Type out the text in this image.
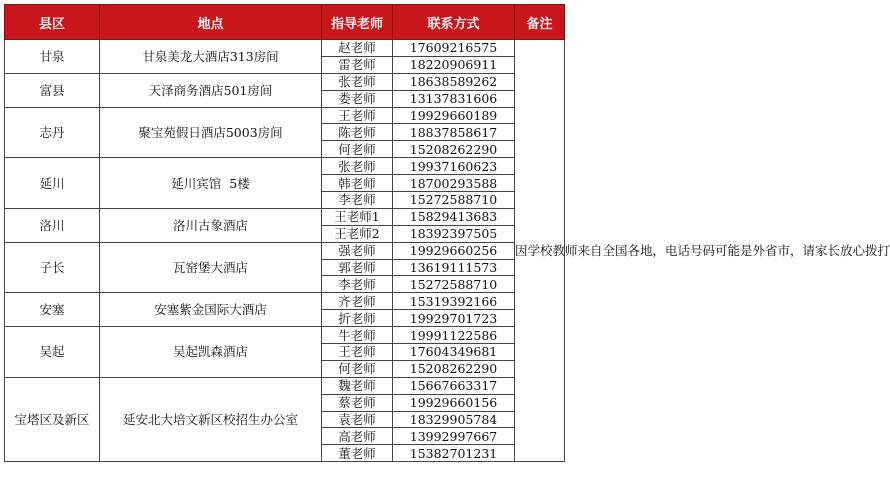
县区	地点	指导老师	联系方式	备注
甘泉	甘泉美龙大酒店313房间	赵老师	17609216575	因学校教师来自全国各地，电话号码可能是外省市，请家长放心拨打
		雷老师	18220906911	
富县	天泽商务酒店501房间	张老师	18638589262	
		娄老师	13137831606	
志丹	聚宝苑假日酒店5003房间	王老师	19929660189	
		陈老师	18837858617	
		何老师	15208262290	
延川	延川宾馆  5楼	张老师	19937160623	
		韩老师	18700293588	
		李老师	15272588710	
洛川	洛川古象酒店	王老师1	15829413683	
		王老师2	18392397505	
子长	瓦窑堡大酒店	强老师	19929660256	
		郭老师	13619111573	
		李老师	15272588710	
安塞	安塞紫金国际大酒店	齐老师	15319392166	
		折老师	19929701723	
吴起	吴起凯森酒店	牛老师	19991122586	
		王老师	17604349681	
		何老师	15208262290	
宝塔区及新区	延安北大培文新区校招生办公室	魏老师	15667663317	
		蔡老师	19929660156	
		袁老师	18329905784	
		高老师	13992997667	
		董老师	15382701231	
